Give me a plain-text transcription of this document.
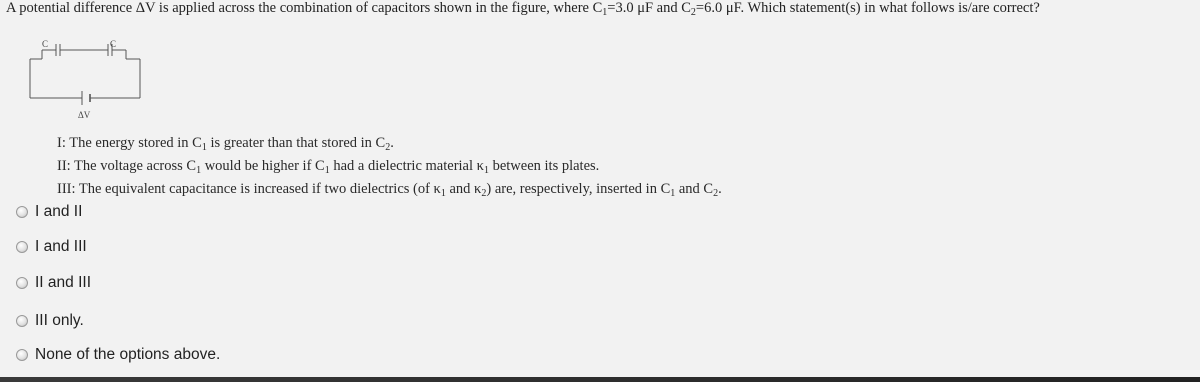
A potential difference ΔV is applied across the combination of capacitors shown in the figure, where $C_1=3.0$ μF and $C_2=6.0$ μF. Which statement(s) in what follows is/are correct?
C	C
ΔV
I: The energy stored in $C_1$ is greater than that stored in $C_2$.
II: The voltage across $C_1$ would be higher if $C_1$ had a dielectric material $\kappa_1$ between its plates.
III: The equivalent capacitance is increased if two dielectrics (of $\kappa_1$ and $\kappa_2$) are, respectively, inserted in $C_1$ and $C_2$.
I and II
I and III
II and III
III only.
None of the options above.
